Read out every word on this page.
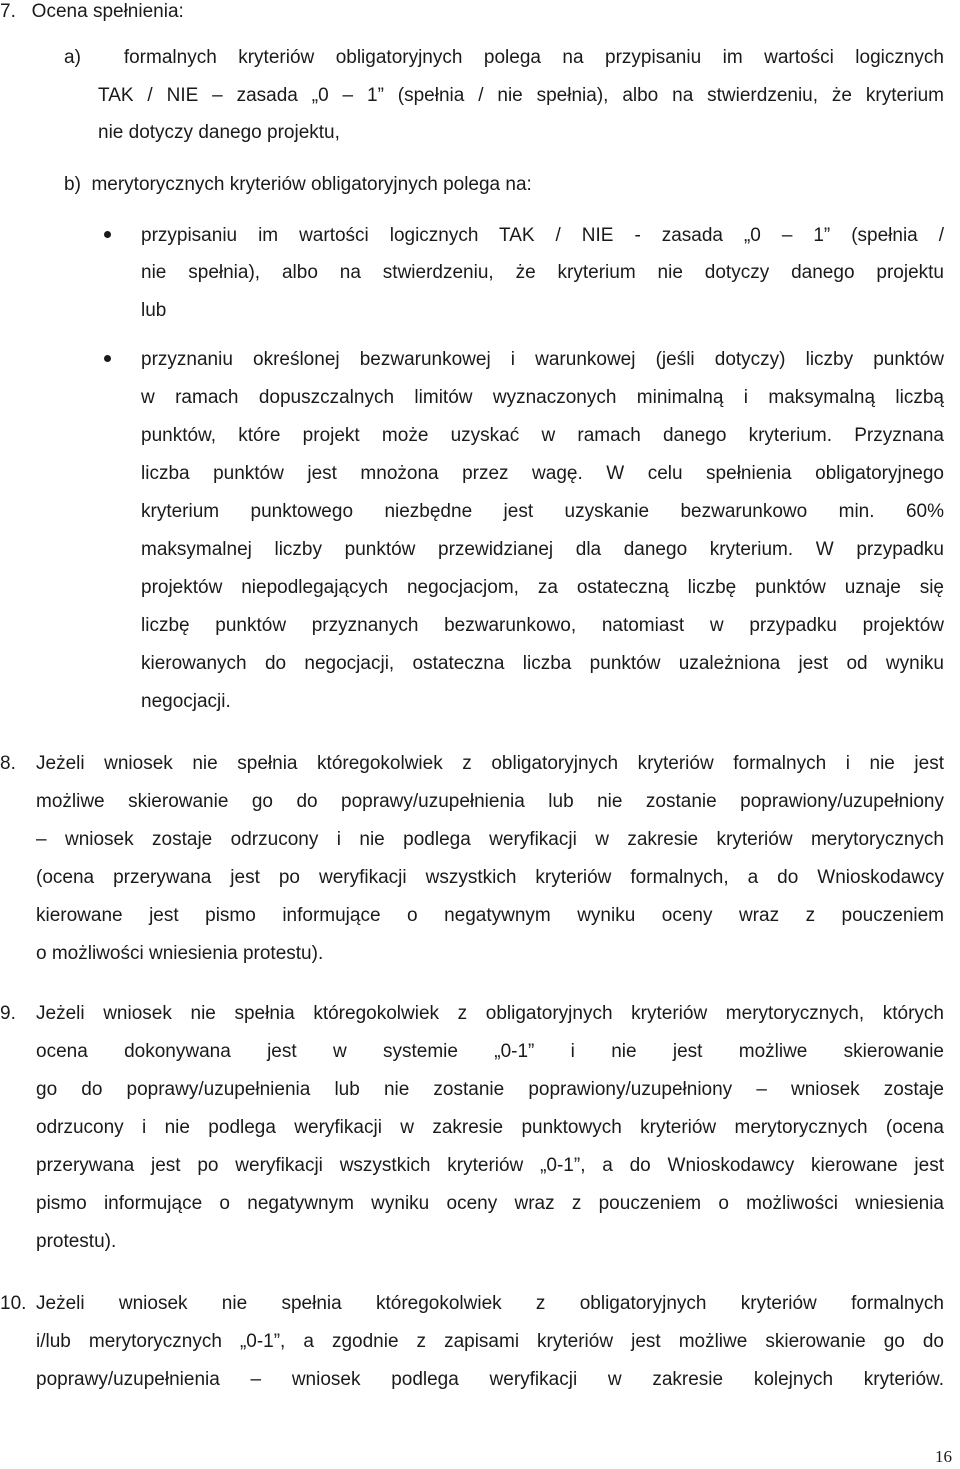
7.   Ocena spełnienia:
a)  formalnych kryteriów obligatoryjnych polega na przypisaniu im wartości logicznych
TAK / NIE – zasada „0 – 1” (spełnia / nie spełnia), albo na stwierdzeniu, że kryterium
nie dotyczy danego projektu,
b)  merytorycznych kryteriów obligatoryjnych polega na:
przypisaniu im wartości logicznych TAK / NIE - zasada „0 – 1” (spełnia /
nie spełnia), albo na stwierdzeniu, że kryterium nie dotyczy danego projektu
lub
przyznaniu określonej bezwarunkowej i warunkowej (jeśli dotyczy) liczby punktów
w ramach dopuszczalnych limitów wyznaczonych minimalną i maksymalną liczbą
punktów, które projekt może uzyskać w ramach danego kryterium. Przyznana
liczba punktów jest mnożona przez wagę. W celu spełnienia obligatoryjnego
kryterium punktowego niezbędne jest uzyskanie bezwarunkowo min. 60%
maksymalnej liczby punktów przewidzianej dla danego kryterium. W przypadku
projektów niepodlegających negocjacjom, za ostateczną liczbę punktów uznaje się
liczbę punktów przyznanych bezwarunkowo, natomiast w przypadku projektów
kierowanych do negocjacji, ostateczna liczba punktów uzależniona jest od wyniku
negocjacji.
8. Jeżeli wniosek nie spełnia któregokolwiek z obligatoryjnych kryteriów formalnych i nie jest
możliwe skierowanie go do poprawy/uzupełnienia lub nie zostanie poprawiony/uzupełniony
– wniosek zostaje odrzucony i nie podlega weryfikacji w zakresie kryteriów merytorycznych
(ocena przerywana jest po weryfikacji wszystkich kryteriów formalnych, a do Wnioskodawcy
kierowane jest pismo informujące o negatywnym wyniku oceny wraz z pouczeniem
o możliwości wniesienia protestu).
9. Jeżeli wniosek nie spełnia któregokolwiek z obligatoryjnych kryteriów merytorycznych, których
ocena dokonywana jest w systemie „0-1” i nie jest możliwe skierowanie
go do poprawy/uzupełnienia lub nie zostanie poprawiony/uzupełniony – wniosek zostaje
odrzucony i nie podlega weryfikacji w zakresie punktowych kryteriów merytorycznych (ocena
przerywana jest po weryfikacji wszystkich kryteriów „0-1”, a do Wnioskodawcy kierowane jest
pismo informujące o negatywnym wyniku oceny wraz z pouczeniem o możliwości wniesienia
protestu).
10. Jeżeli wniosek nie spełnia któregokolwiek z obligatoryjnych kryteriów formalnych
i/lub merytorycznych „0-1”, a zgodnie z zapisami kryteriów jest możliwe skierowanie go do
poprawy/uzupełnienia – wniosek podlega weryfikacji w zakresie kolejnych kryteriów.
16
